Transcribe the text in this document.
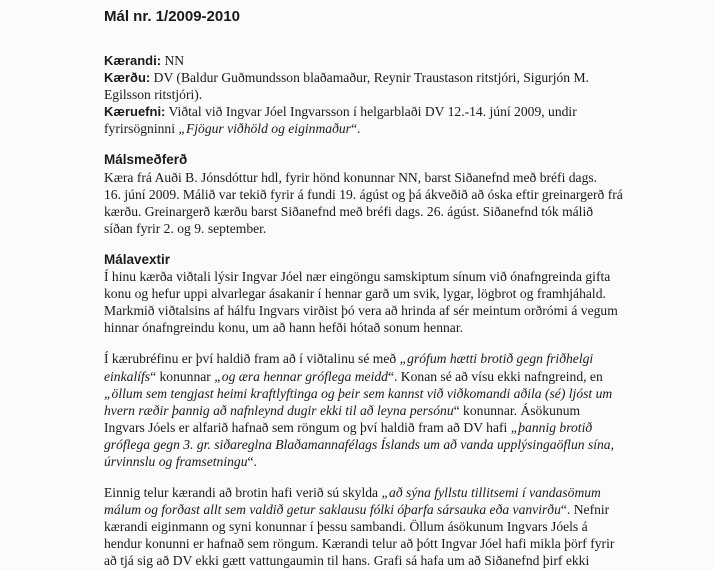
Mál nr. 1/2009-2010
Kærandi: NN
Kærðu: DV (Baldur Guðmundsson blaðamaður, Reynir Traustason ritstjóri, Sigurjón M.
Egilsson ritstjóri).
Kæruefni: Viðtal við Ingvar Jóel Ingvarsson í helgarblaði DV 12.-14. júní 2009, undir
fyrirsögninni „Fjögur viðhöld og eiginmaður“.
Málsmeðferð
Kæra frá Auði B. Jónsdóttur hdl, fyrir hönd konunnar NN, barst Siðanefnd með bréfi dags.
16. júní 2009. Málið var tekið fyrir á fundi 19. ágúst og þá ákveðið að óska eftir greinargerð frá
kærðu. Greinargerð kærðu barst Siðanefnd með bréfi dags. 26. ágúst. Siðanefnd tók málið
síðan fyrir 2. og 9. september.
Málavextir
Í hinu kærða viðtali lýsir Ingvar Jóel nær eingöngu samskiptum sínum við ónafngreinda gifta
konu og hefur uppi alvarlegar ásakanir í hennar garð um svik, lygar, lögbrot og framhjáhald.
Markmið viðtalsins af hálfu Ingvars virðist þó vera að hrinda af sér meintum orðrómi á vegum
hinnar ónafngreindu konu, um að hann hefði hótað sonum hennar.
Í kærubréfinu er því haldið fram að í viðtalinu sé með „grófum hætti brotið gegn friðhelgi
einkalífs“ konunnar „og æra hennar gróflega meidd“. Konan sé að vísu ekki nafngreind, en
„öllum sem tengjast heimi kraftlyftinga og þeir sem kannst við viðkomandi aðila (sé) ljóst um
hvern ræðir þannig að nafnleynd dugir ekki til að leyna persónu“ konunnar. Ásökunum
Ingvars Jóels er alfarið hafnað sem röngum og því haldið fram að DV hafi „þannig brotið
gróflega gegn 3. gr. siðareglna Blaðamannafélags Íslands um að vanda upplýsingaöflun sína,
úrvinnslu og framsetningu“.
Einnig telur kærandi að brotin hafi verið sú skylda „að sýna fyllstu tillitsemi í vandasömum
málum og forðast allt sem valdið getur saklausu fólki óþarfa sársauka eða vanvirðu“. Nefnir
kærandi eiginmann og syni konunnar í þessu sambandi. Öllum ásökunum Ingvars Jóels á
hendur konunni er hafnað sem röngum. Kærandi telur að þótt Ingvar Jóel hafi mikla þörf fyrir
að tjá sig að DV ekki gætt vattungaumin til hans. Grafi sá hafa um að Siðanefnd þirf ekki
